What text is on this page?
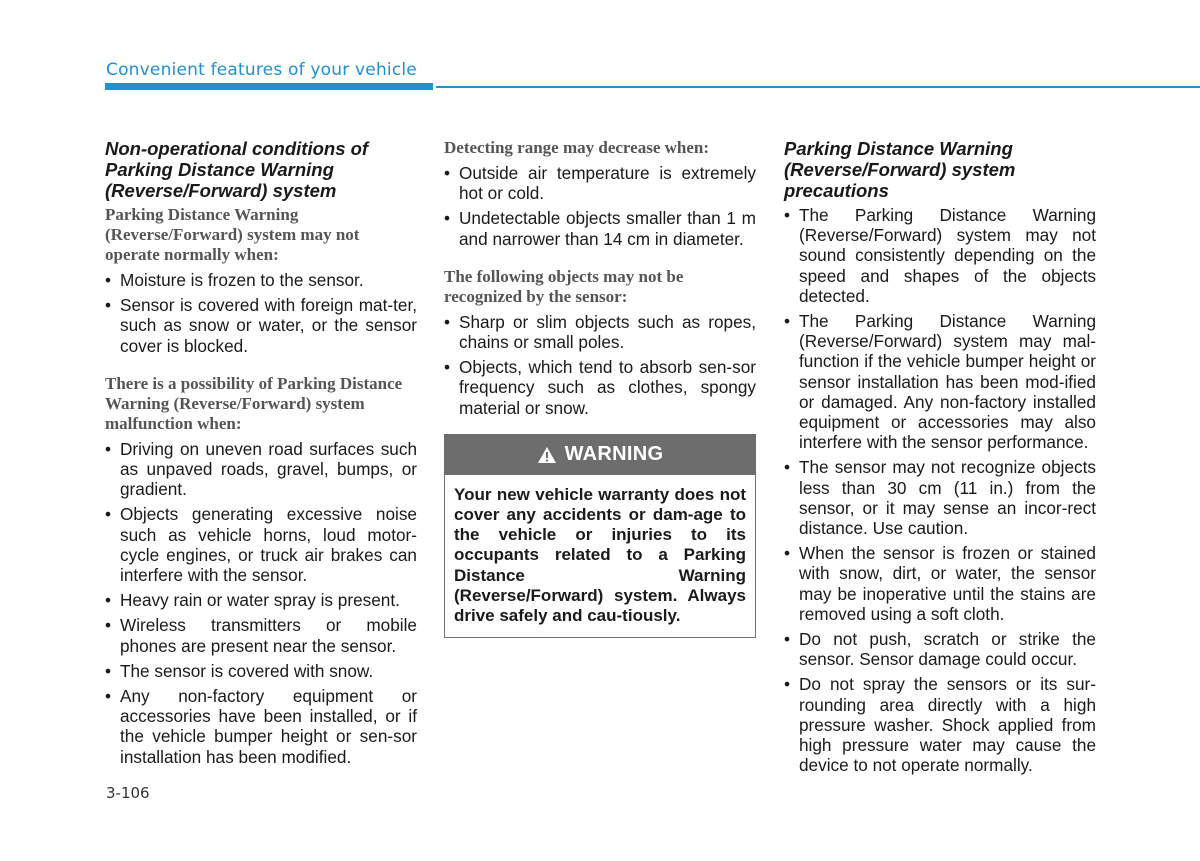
Convenient features of your vehicle
Non-operational conditions of Parking Distance Warning (Reverse/Forward) system
Parking Distance Warning (Reverse/Forward) system may not operate normally when:
• Moisture is frozen to the sensor.
• Sensor is covered with foreign mat-ter, such as snow or water, or the sensor cover is blocked.
There is a possibility of Parking Distance Warning (Reverse/Forward) system malfunction when:
• Driving on uneven road surfaces such as unpaved roads, gravel, bumps, or gradient.
• Objects generating excessive noise such as vehicle horns, loud motor-cycle engines, or truck air brakes can interfere with the sensor.
• Heavy rain or water spray is present.
• Wireless transmitters or mobile phones are present near the sensor.
• The sensor is covered with snow.
• Any non-factory equipment or accessories have been installed, or if the vehicle bumper height or sen-sor installation has been modified.
Detecting range may decrease when:
• Outside air temperature is extremely hot or cold.
• Undetectable objects smaller than 1 m and narrower than 14 cm in diameter.
The following objects may not be recognized by the sensor:
• Sharp or slim objects such as ropes, chains or small poles.
• Objects, which tend to absorb sen-sor frequency such as clothes, spongy material or snow.
WARNING
Your new vehicle warranty does not cover any accidents or dam-age to the vehicle or injuries to its occupants related to a Parking Distance Warning (Reverse/Forward) system. Always drive safely and cau-tiously.
Parking Distance Warning (Reverse/Forward) system precautions
• The Parking Distance Warning (Reverse/Forward) system may not sound consistently depending on the speed and shapes of the objects detected.
• The Parking Distance Warning (Reverse/Forward) system may mal-function if the vehicle bumper height or sensor installation has been mod-ified or damaged. Any non-factory installed equipment or accessories may also interfere with the sensor performance.
• The sensor may not recognize objects less than 30 cm (11 in.) from the sensor, or it may sense an incor-rect distance. Use caution.
• When the sensor is frozen or stained with snow, dirt, or water, the sensor may be inoperative until the stains are removed using a soft cloth.
• Do not push, scratch or strike the sensor. Sensor damage could occur.
• Do not spray the sensors or its sur-rounding area directly with a high pressure washer. Shock applied from high pressure water may cause the device to not operate normally.
3-106
